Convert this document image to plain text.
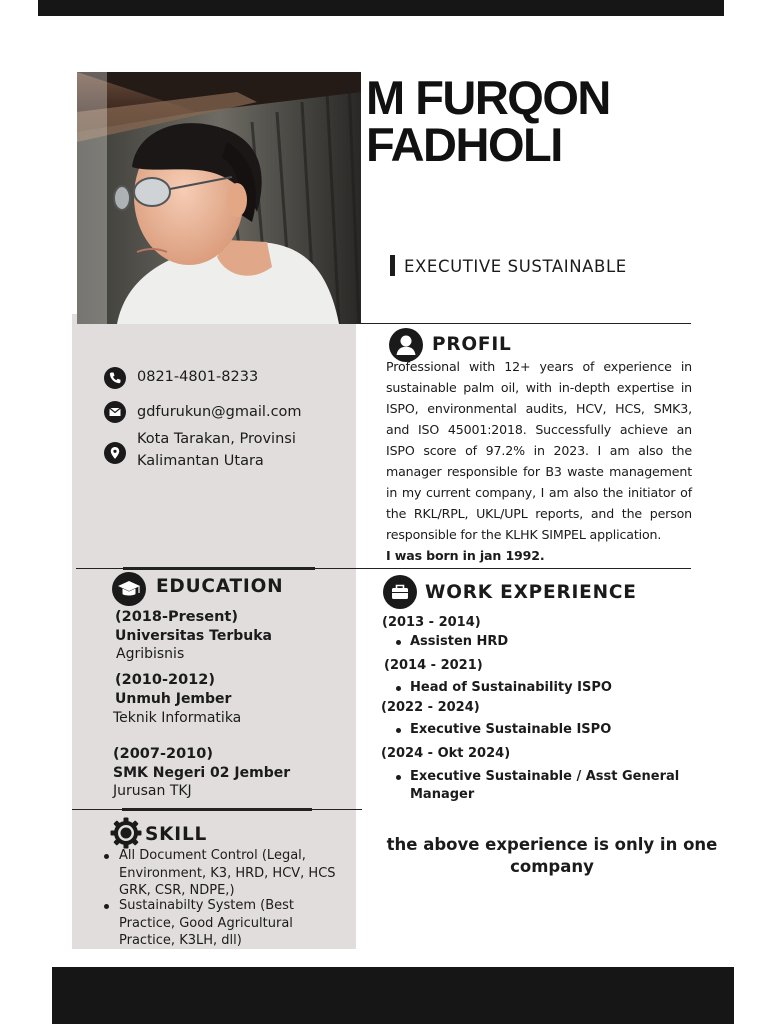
M FURQON
FADHOLI
EXECUTIVE SUSTAINABLE
0821-4801-8233
gdfurukun@gmail.com
Kota Tarakan, Provinsi
Kalimantan Utara
PROFIL
Professional with 12+ years of experience in sustainable palm oil, with in-depth expertise in ISPO, environmental audits, HCV, HCS, SMK3, and ISO 45001:2018. Successfully achieve an ISPO score of 97.2% in 2023. I am also the manager responsible for B3 waste management in my current company, I am also the initiator of the RKL/RPL, UKL/UPL reports, and the person responsible for the KLHK SIMPEL application.
I was born in jan 1992.
EDUCATION
(2018-Present)
Universitas Terbuka
Agribisnis
(2010-2012)
Unmuh Jember
Teknik Informatika
(2007-2010)
SMK Negeri 02 Jember
Jurusan TKJ
WORK EXPERIENCE
(2013 - 2014)
Assisten HRD
(2014 - 2021)
Head of Sustainability ISPO
(2022 - 2024)
Executive Sustainable ISPO
(2024 - Okt 2024)
Executive Sustainable / Asst General Manager
the above experience is only in one company
SKILL
All Document Control (Legal, Environment, K3, HRD, HCV, HCS GRK, CSR, NDPE,)
Sustainabilty System (Best Practice, Good Agricultural Practice, K3LH, dll)
